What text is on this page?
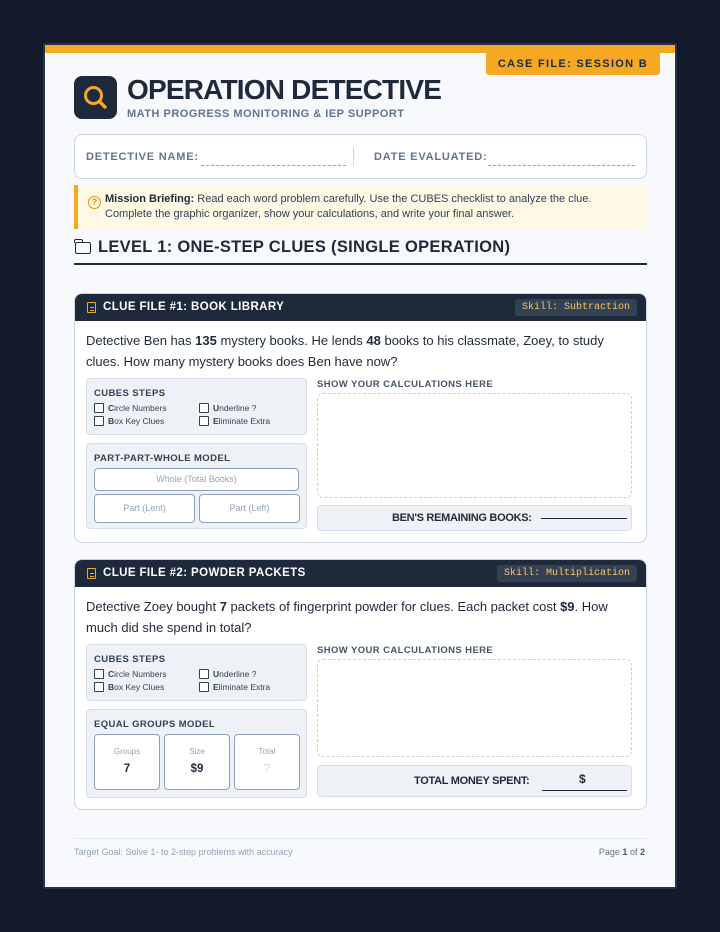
CASE FILE: SESSION B
OPERATION DETECTIVE
MATH PROGRESS MONITORING & IEP SUPPORT
DETECTIVE NAME:	DATE EVALUATED:
? Mission Briefing: Read each word problem carefully. Use the CUBES checklist to analyze the clue. Complete the graphic organizer, show your calculations, and write your final answer.
LEVEL 1: ONE-STEP CLUES (SINGLE OPERATION)
CLUE FILE #1: BOOK LIBRARY	Skill: Subtraction
Detective Ben has 135 mystery books. He lends 48 books to his classmate, Zoey, to study clues. How many mystery books does Ben have now?
CUBES STEPS
Circle Numbers	Underline ?
Box Key Clues	Eliminate Extra
PART-PART-WHOLE MODEL
Whole (Total Books)
Part (Lent)	Part (Left)
SHOW YOUR CALCULATIONS HERE
BEN'S REMAINING BOOKS:
CLUE FILE #2: POWDER PACKETS	Skill: Multiplication
Detective Zoey bought 7 packets of fingerprint powder for clues. Each packet cost $9. How much did she spend in total?
CUBES STEPS
Circle Numbers	Underline ?
Box Key Clues	Eliminate Extra
EQUAL GROUPS MODEL
Groups
7
Size
$9
Total
?
SHOW YOUR CALCULATIONS HERE
TOTAL MONEY SPENT:	$
Target Goal: Solve 1- to 2-step problems with accuracy	Page 1 of 2
